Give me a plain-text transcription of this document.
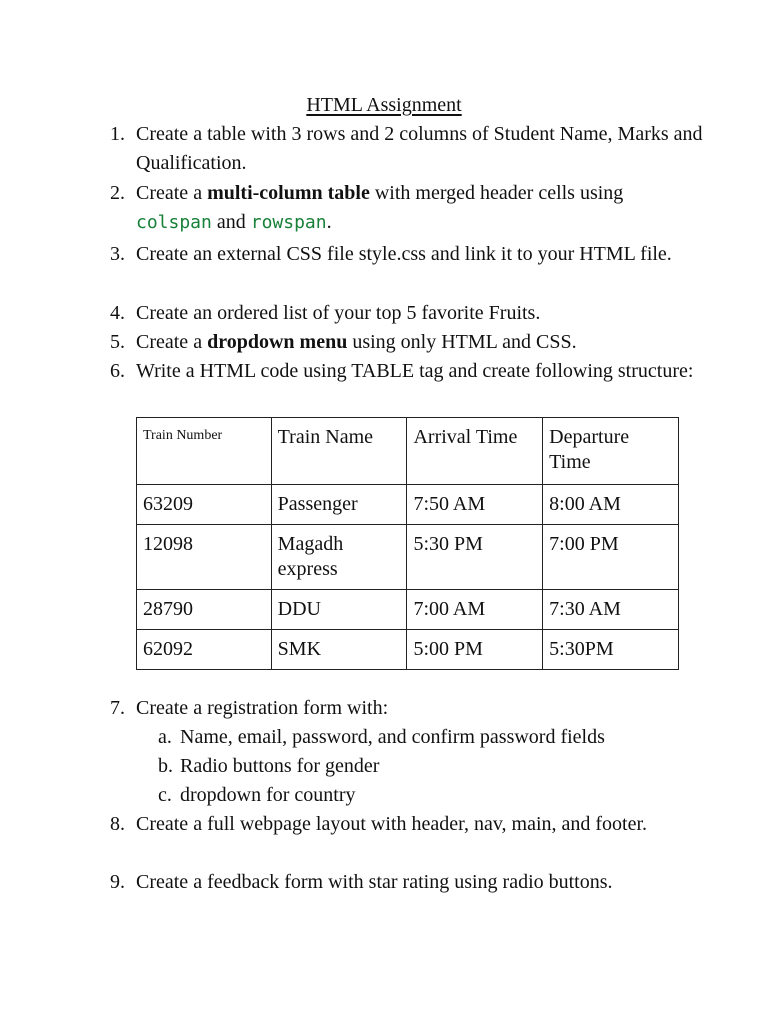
HTML Assignment
1. Create a table with 3 rows and 2 columns of Student Name, Marks and Qualification.
2. Create a multi-column table with merged header cells using
colspan and rowspan.
3. Create an external CSS file style.css and link it to your HTML file.
4. Create an ordered list of your top 5 favorite Fruits.
5. Create a dropdown menu using only HTML and CSS.
6. Write a HTML code using TABLE tag and create following structure:
Train Number	Train Name	Arrival Time	Departure Time
63209	Passenger	7:50 AM	8:00 AM
12098	Magadh express	5:30 PM	7:00 PM
28790	DDU	7:00 AM	7:30 AM
62092	SMK	5:00 PM	5:30PM
7. Create a registration form with:
a. Name, email, password, and confirm password fields
b. Radio buttons for gender
c. dropdown for country
8. Create a full webpage layout with header, nav, main, and footer.
9. Create a feedback form with star rating using radio buttons.
